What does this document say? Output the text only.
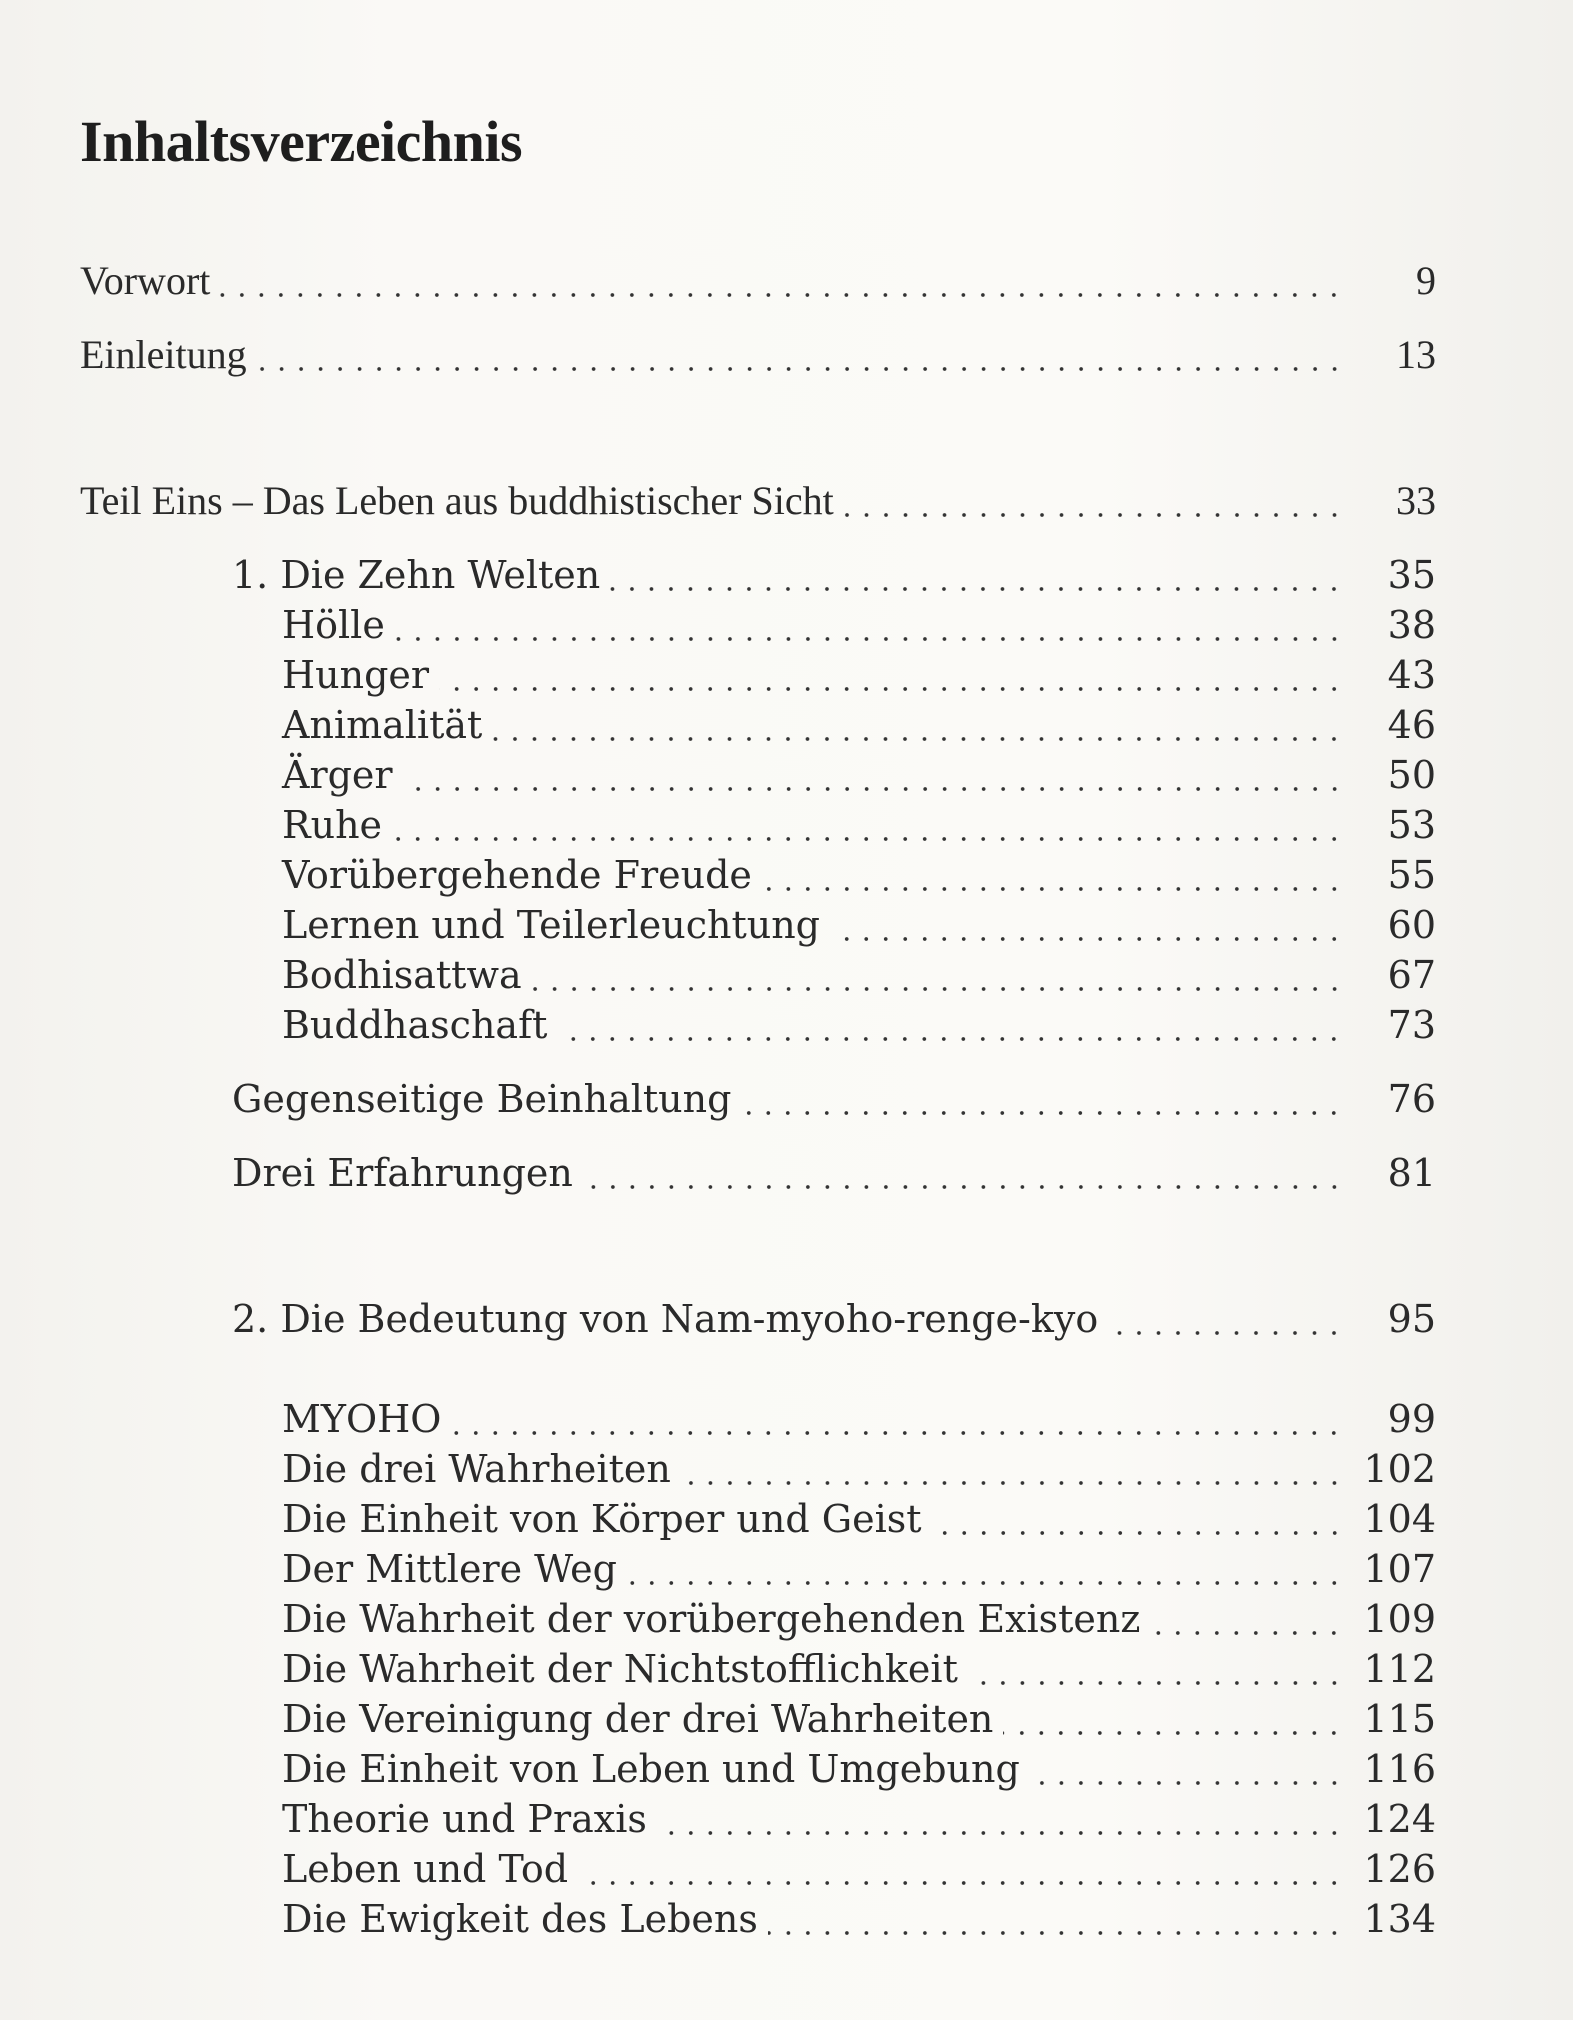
Inhaltsverzeichnis
Vorwort	9
Einleitung	13
Teil Eins – Das Leben aus buddhistischer Sicht	33
1. Die Zehn Welten	35
Hölle	38
Hunger	43
Animalität	46
Ärger	50
Ruhe	53
Vorübergehende Freude	55
Lernen und Teilerleuchtung	60
Bodhisattwa	67
Buddhaschaft	73
Gegenseitige Beinhaltung	76
Drei Erfahrungen	81
2. Die Bedeutung von Nam-myoho-renge-kyo	95
MYOHO	99
Die drei Wahrheiten	102
Die Einheit von Körper und Geist	104
Der Mittlere Weg	107
Die Wahrheit der vorübergehenden Existenz	109
Die Wahrheit der Nichtstofflichkeit	112
Die Vereinigung der drei Wahrheiten	115
Die Einheit von Leben und Umgebung	116
Theorie und Praxis	124
Leben und Tod	126
Die Ewigkeit des Lebens	134
